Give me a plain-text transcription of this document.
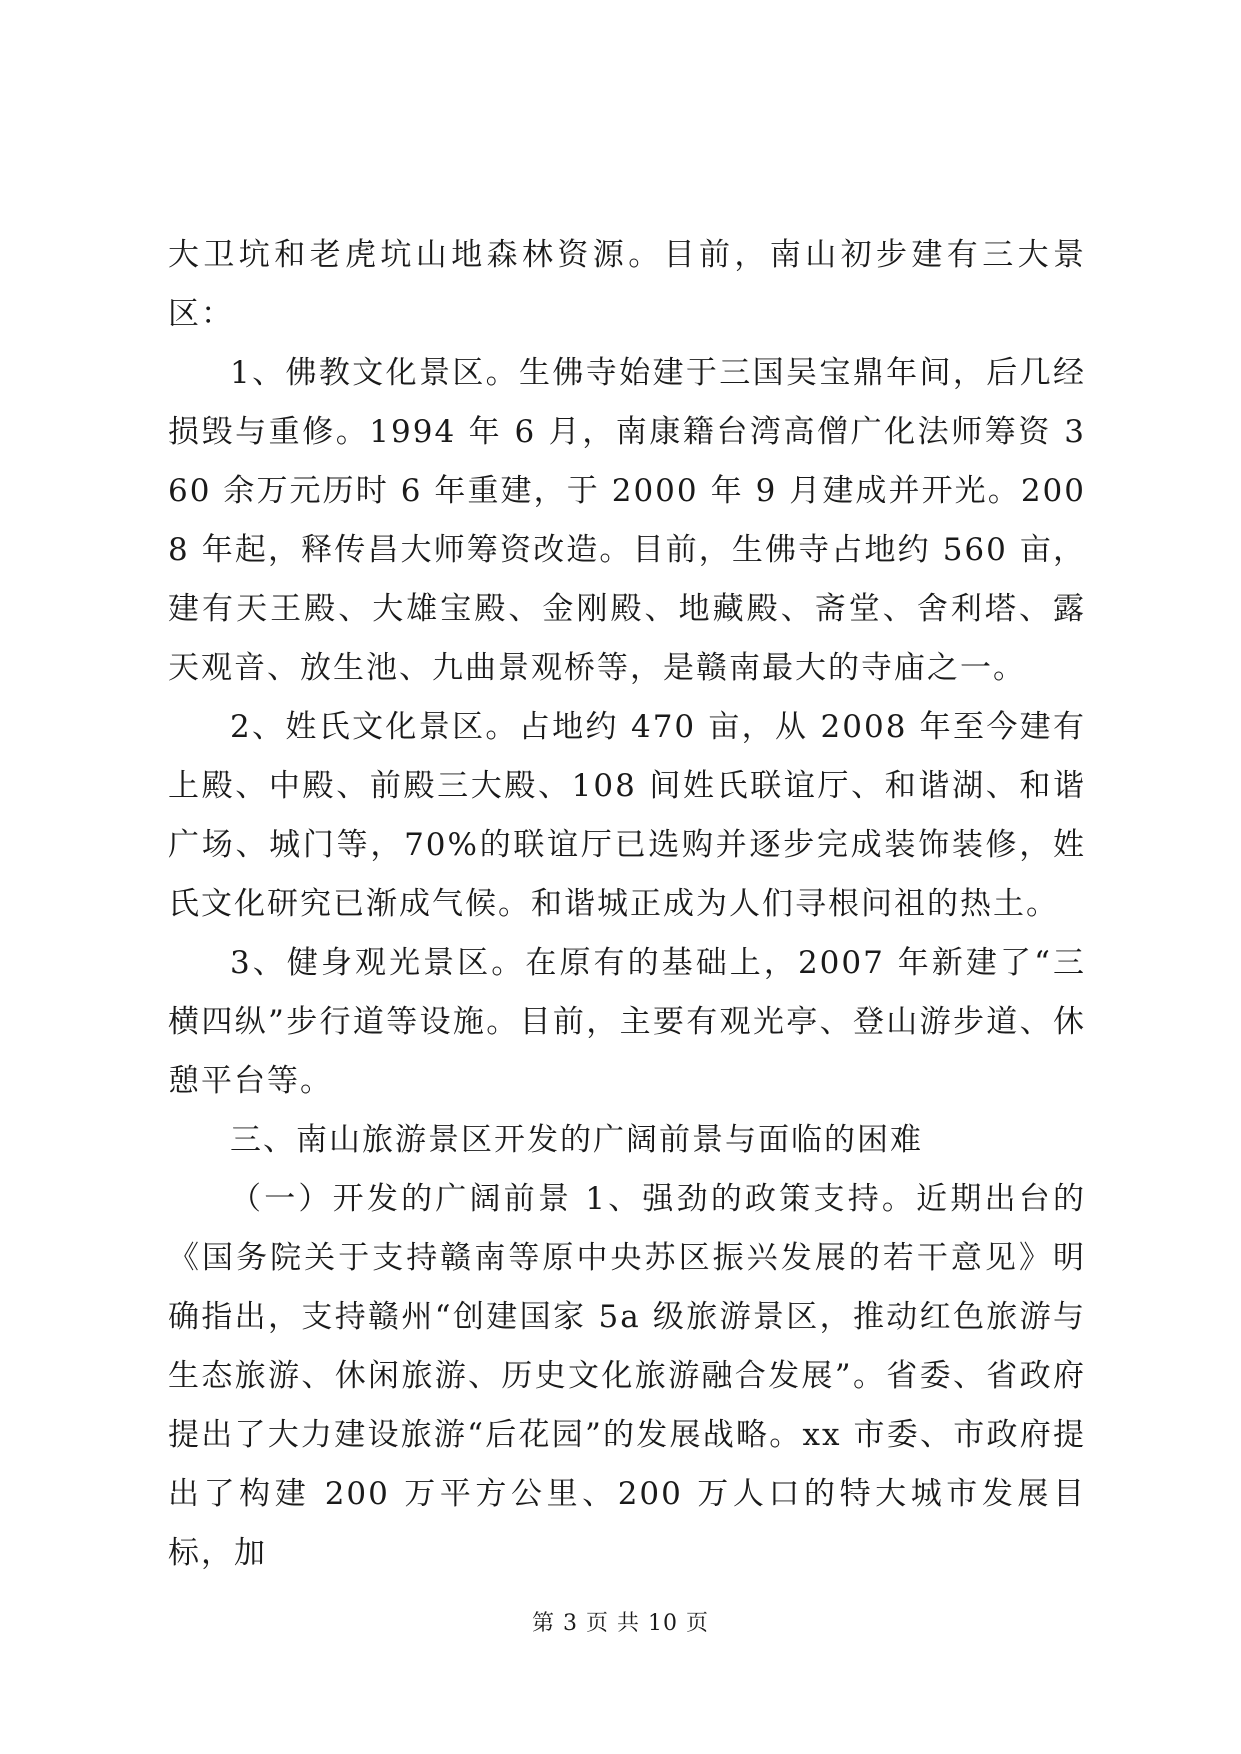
大卫坑和老虎坑山地森林资源。目前，南山初步建有三大景区：

1、佛教文化景区。生佛寺始建于三国吴宝鼎年间，后几经损毁与重修。1994 年 6 月，南康籍台湾高僧广化法师筹资 360 余万元历时 6 年重建，于 2000 年 9 月建成并开光。2008 年起，释传昌大师筹资改造。目前，生佛寺占地约 560 亩，建有天王殿、大雄宝殿、金刚殿、地藏殿、斋堂、舍利塔、露天观音、放生池、九曲景观桥等，是赣南最大的寺庙之一。

2、姓氏文化景区。占地约 470 亩，从 2008 年至今建有上殿、中殿、前殿三大殿、108 间姓氏联谊厅、和谐湖、和谐广场、城门等，70%的联谊厅已选购并逐步完成装饰装修，姓氏文化研究已渐成气候。和谐城正成为人们寻根问祖的热土。

3、健身观光景区。在原有的基础上，2007 年新建了“三横四纵”步行道等设施。目前，主要有观光亭、登山游步道、休憩平台等。

三、南山旅游景区开发的广阔前景与面临的困难

（一）开发的广阔前景 1、强劲的政策支持。近期出台的《国务院关于支持赣南等原中央苏区振兴发展的若干意见》明确指出，支持赣州“创建国家 5a 级旅游景区，推动红色旅游与生态旅游、休闲旅游、历史文化旅游融合发展”。省委、省政府提出了大力建设旅游“后花园”的发展战略。xx 市委、市政府提出了构建 200 万平方公里、200 万人口的特大城市发展目标，加

第 3 页 共 10 页
